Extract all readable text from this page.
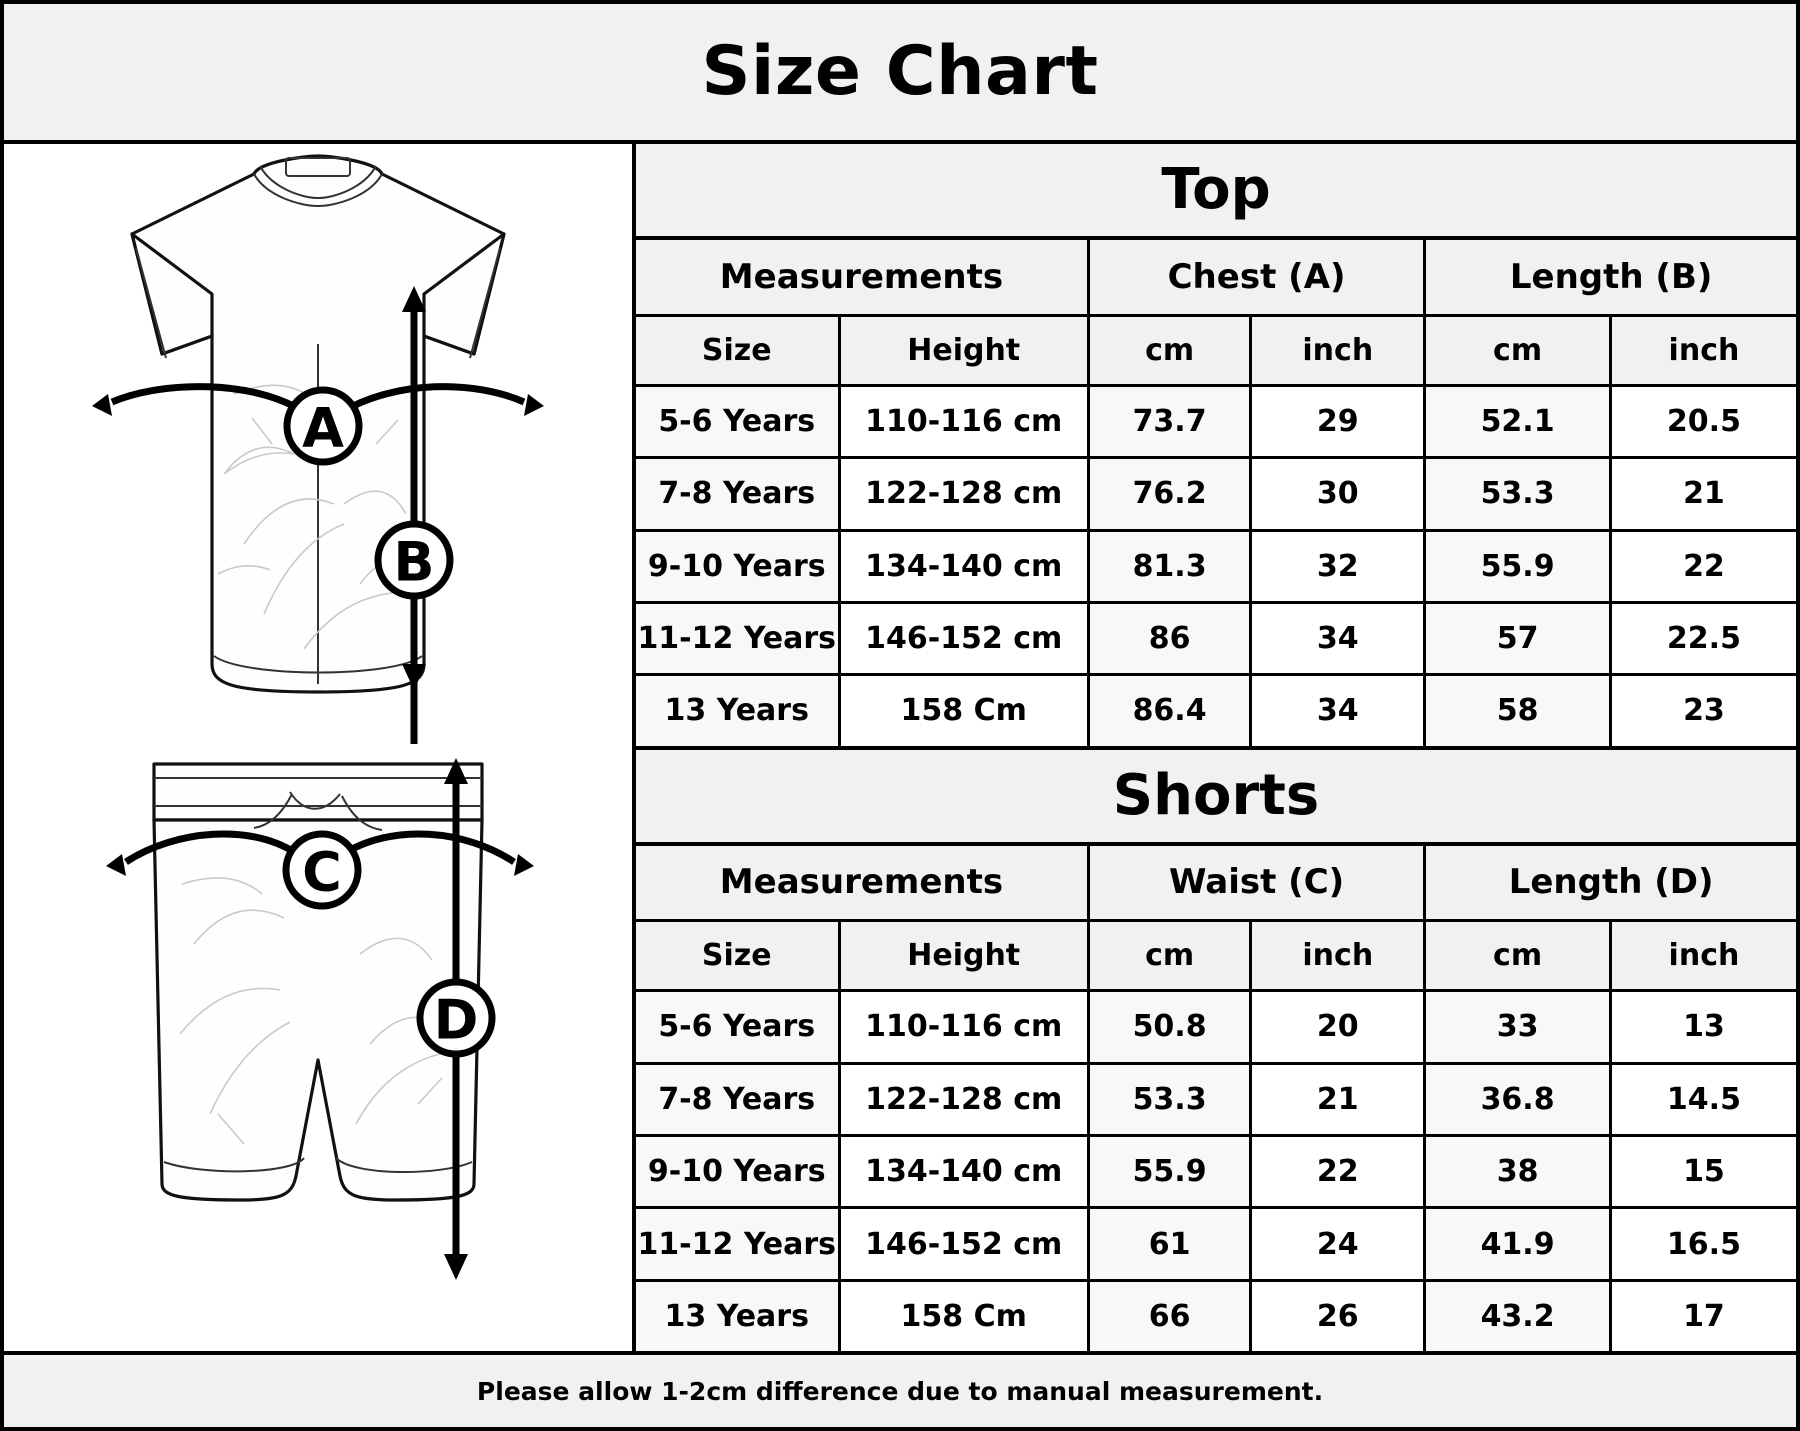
Size Chart
A
B
C
D
Top
Measurements		Chest (A)		Length (B)	
Size	Height	cm	inch	cm	inch
5-6 Years	110-116 cm	73.7	29	52.1	20.5
7-8 Years	122-128 cm	76.2	30	53.3	21
9-10 Years	134-140 cm	81.3	32	55.9	22
11-12 Years	146-152 cm	86	34	57	22.5
13 Years	158 Cm	86.4	34	58	23
Shorts
Measurements		Waist (C)		Length (D)	
Size	Height	cm	inch	cm	inch
5-6 Years	110-116 cm	50.8	20	33	13
7-8 Years	122-128 cm	53.3	21	36.8	14.5
9-10 Years	134-140 cm	55.9	22	38	15
11-12 Years	146-152 cm	61	24	41.9	16.5
13 Years	158 Cm	66	26	43.2	17
Please allow 1-2cm difference due to manual measurement.
